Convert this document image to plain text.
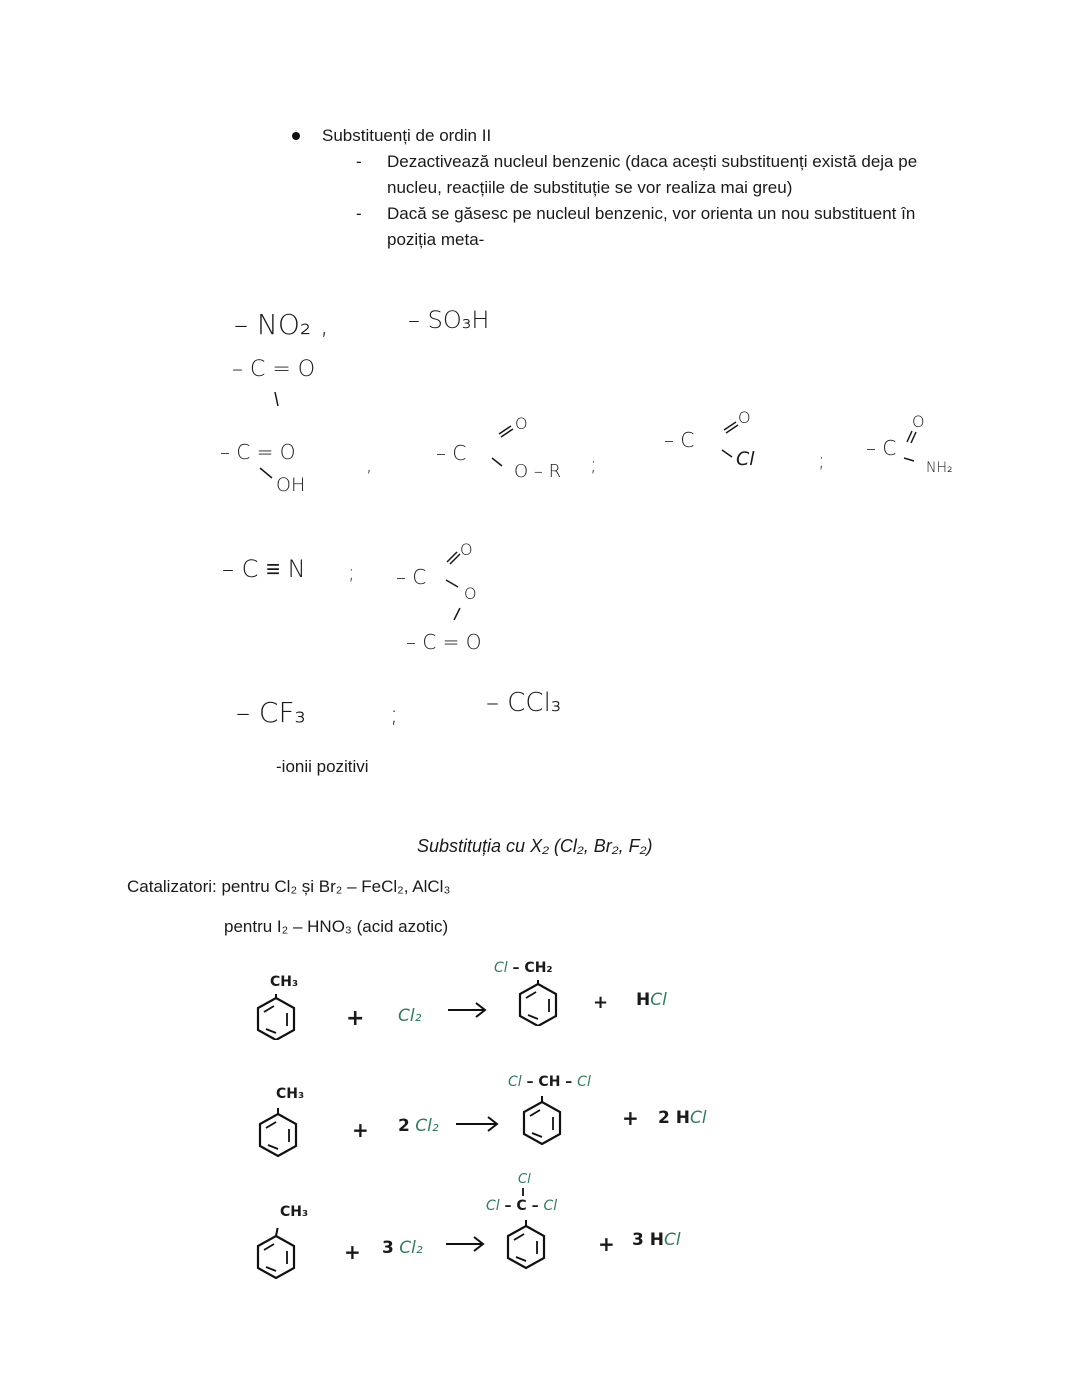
Substituenți de ordin II
- Dezactivează nucleul benzenic (daca acești substituenți există deja pe
nucleu, reacțiile de substituție se vor realiza mai greu)
- Dacă se găsesc pe nucleul benzenic, vor orienta un nou substituent în
poziția meta-
– NO₂ ,	– SO₃H
– C = O
– C = O
OH
,	– C
O
O – R ;
– C
O
Cl	; – C
O
NH₂
– C ≡ N ; – C
O
O
– C = O
– CF₃	;	– CCl₃
-ionii pozitivi
Substituția cu X₂ (Cl₂, Br₂, F₂)
Catalizatori: pentru Cl₂ și Br₂ – FeCl₂, AlCl₃
pentru I₂ – HNO₃ (acid azotic)
CH₃
+ Cl₂
Cl – CH₂
+ HCl
CH₃
+ 2 Cl₂
Cl – CH – Cl
+ 2 HCl
CH₃
+ 3 Cl₂
Cl
Cl – C – Cl
+ 3 HCl
